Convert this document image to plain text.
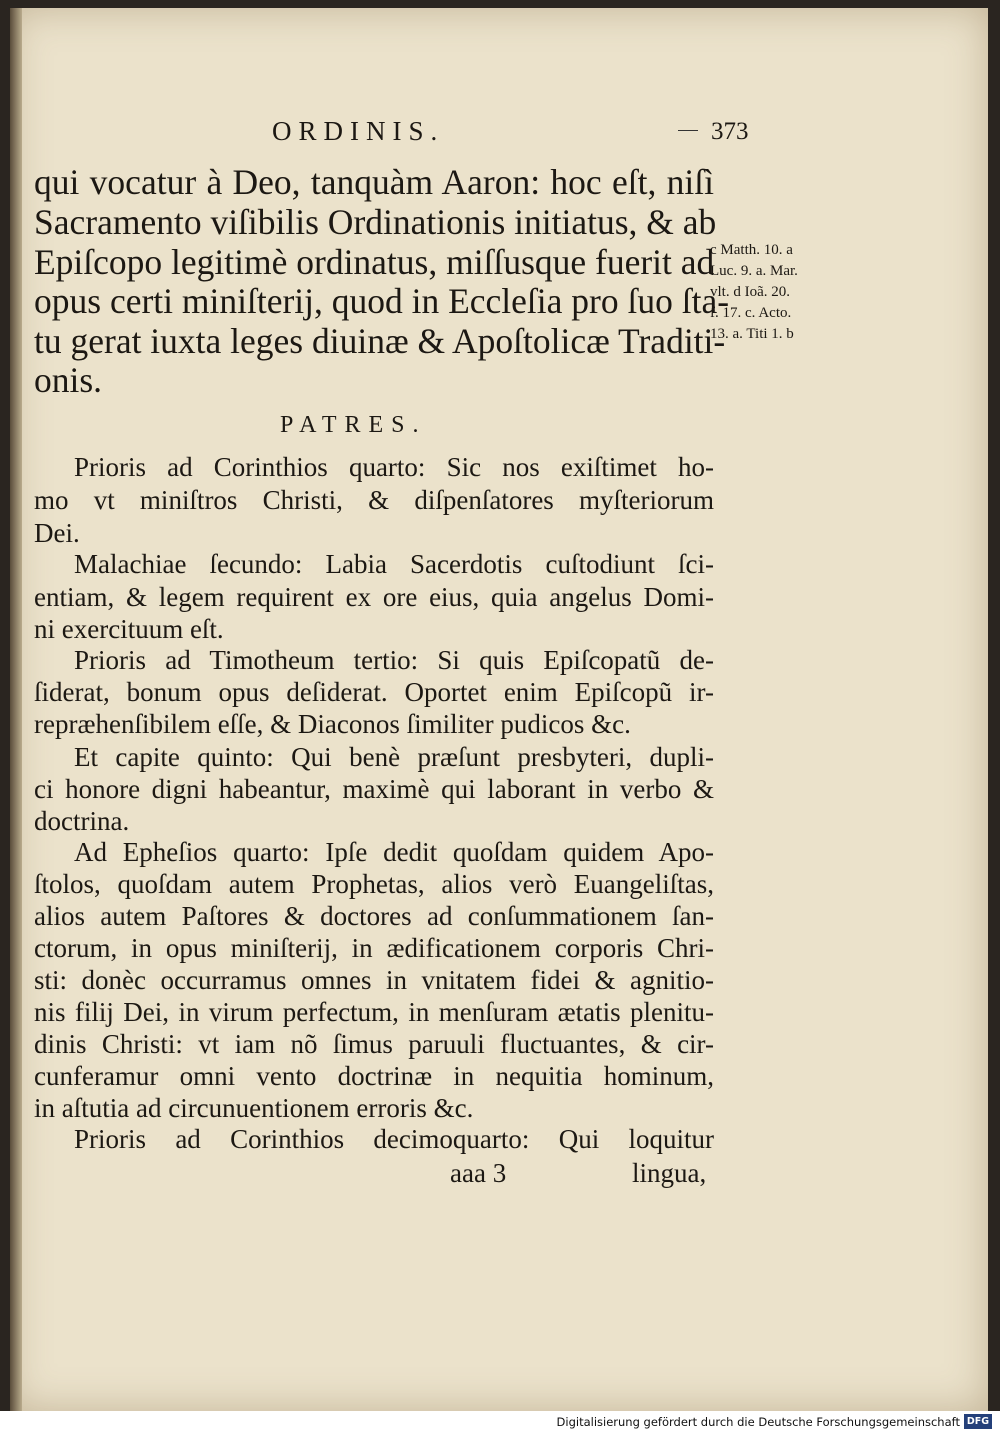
ORDINIS.	373
qui vocatur à Deo, tanquàm Aaron: hoc eſt, niſì
Sacramento viſibilis Ordinationis initiatus, & ab
Epiſcopo legitimè ordinatus, miſſusque fuerit ad
opus certi miniſterij, quod in Eccleſia pro ſuo ſta-
tu gerat iuxta leges diuinæ & Apoſtolicæ Traditi-
onis.
c Matth. 10. a
Luc. 9. a. Mar.
vlt. d Ioã. 20.
f. 17. c. Acto.
13. a. Titi 1. b
PATRES.
Prioris ad Corinthios quarto: Sic nos exiſtimet ho-
mo vt miniſtros Christi, & diſpenſatores myſteriorum
Dei.
Malachiae ſecundo: Labia Sacerdotis cuſtodiunt ſci-
entiam, & legem requirent ex ore eius, quia angelus Domi-
ni exercituum eſt.
Prioris ad Timotheum tertio: Si quis Epiſcopatũ de-
ſiderat, bonum opus deſiderat. Oportet enim Epiſcopũ ir-
repræhenſibilem eſſe, & Diaconos ſimiliter pudicos &c.
Et capite quinto: Qui benè præſunt presbyteri, dupli-
ci honore digni habeantur, maximè qui laborant in verbo &
doctrina.
Ad Epheſios quarto: Ipſe dedit quoſdam quidem Apo-
ſtolos, quoſdam autem Prophetas, alios verò Euangeliſtas,
alios autem Paſtores & doctores ad conſummationem ſan-
ctorum, in opus miniſterij, in ædificationem corporis Chri-
sti: donèc occurramus omnes in vnitatem fidei & agnitio-
nis filij Dei, in virum perfectum, in menſuram ætatis plenitu-
dinis Christi: vt iam nõ ſimus paruuli fluctuantes, & cir-
cunferamur omni vento doctrinæ in nequitia hominum,
in aſtutia ad circunuentionem erroris &c.
Prioris ad Corinthios decimoquarto: Qui loquitur
aaa 3	lingua,
Digitalisierung gefördert durch die Deutsche Forschungsgemeinschaft DFG
